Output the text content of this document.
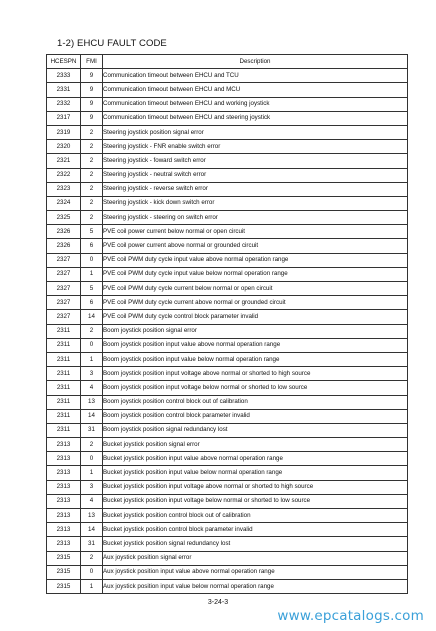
1-2) EHCU FAULT CODE
HCESPN	FMI	Description
2333	9	Communication timeout between EHCU and TCU
2331	9	Communication timeout between EHCU and MCU
2332	9	Communication timeout between EHCU and working joystick
2317	9	Communication timeout between EHCU and steering joystick
2319	2	Steering joystick position signal error
2320	2	Steering joystick - FNR enable switch error
2321	2	Steering joystick - foward switch error
2322	2	Steering joystick - neutral switch error
2323	2	Steering joystick - reverse switch error
2324	2	Steering joystick - kick down switch error
2325	2	Steering joystick - steering on switch error
2326	5	PVE coil power current below normal or open circuit
2326	6	PVE coil power current above normal or grounded circuit
2327	0	PVE coil PWM duty cycle input value above normal operation range
2327	1	PVE coil PWM duty cycle input value below normal operation range
2327	5	PVE coil PWM duty cycle current below normal or open circuit
2327	6	PVE coil PWM duty cycle current above normal or grounded circuit
2327	14	PVE coil PWM duty cycle control block parameter invalid
2311	2	Boom joystick position signal error
2311	0	Boom joystick position input value above normal operation range
2311	1	Boom joystick position input value below normal operation range
2311	3	Boom joystick position input voltage above normal or shorted to high source
2311	4	Boom joystick position input voltage below normal or shorted to low source
2311	13	Boom joystick position control block out of calibration
2311	14	Boom joystick position control block parameter invalid
2311	31	Boom joystick position signal redundancy lost
2313	2	Bucket joystick position signal error
2313	0	Bucket joystick position input value above normal operation range
2313	1	Bucket joystick position input value below normal operation range
2313	3	Bucket joystick position input voltage above normal or shorted to high source
2313	4	Bucket joystick position input voltage below normal or shorted to low source
2313	13	Bucket joystick position control block out of calibration
2313	14	Bucket joystick position control block parameter invalid
2313	31	Bucket joystick position signal redundancy lost
2315	2	Aux joystick position signal error
2315	0	Aux joystick position input value above normal operation range
2315	1	Aux joystick position input value below normal operation range
3-24-3
www.epcatalogs.com
